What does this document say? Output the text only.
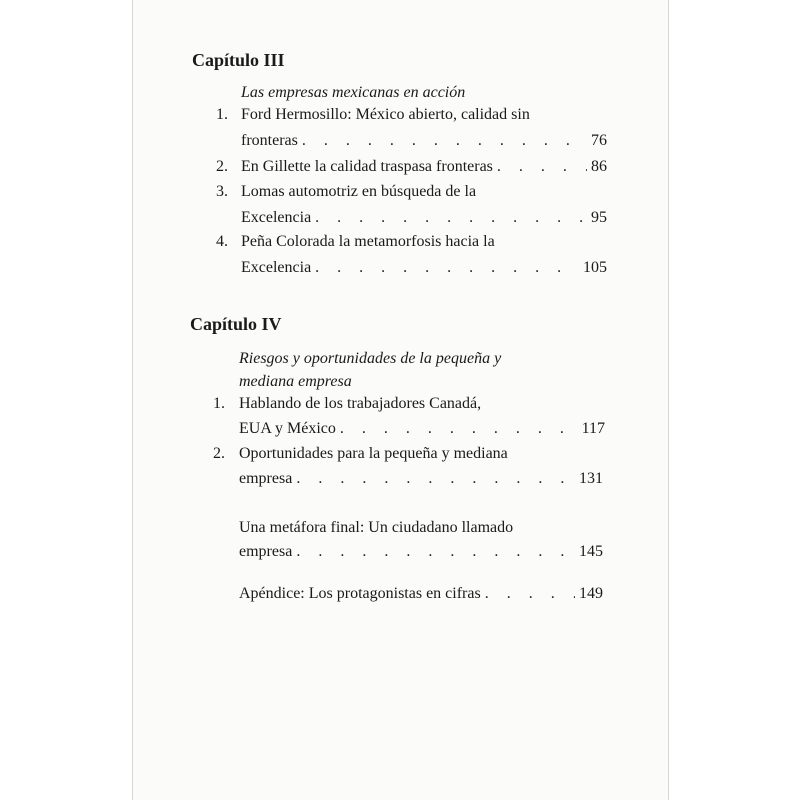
Capítulo III
Las empresas mexicanas en acción
1. Ford Hermosillo: México abierto, calidad sin
fronteras . . .	76
2. En Gillette la calidad traspasa fronteras . . .	86
3. Lomas automotriz en búsqueda de la
Excelencia . . .	95
4. Peña Colorada la metamorfosis hacia la
Excelencia . . .	105
Capítulo IV
Riesgos y oportunidades de la pequeña y
mediana empresa
1. Hablando de los trabajadores Canadá,
EUA y México . . .	117
2. Oportunidades para la pequeña y mediana
empresa . . .	131
Una metáfora final: Un ciudadano llamado
empresa . . .	145
Apéndice: Los protagonistas en cifras . . .	149
